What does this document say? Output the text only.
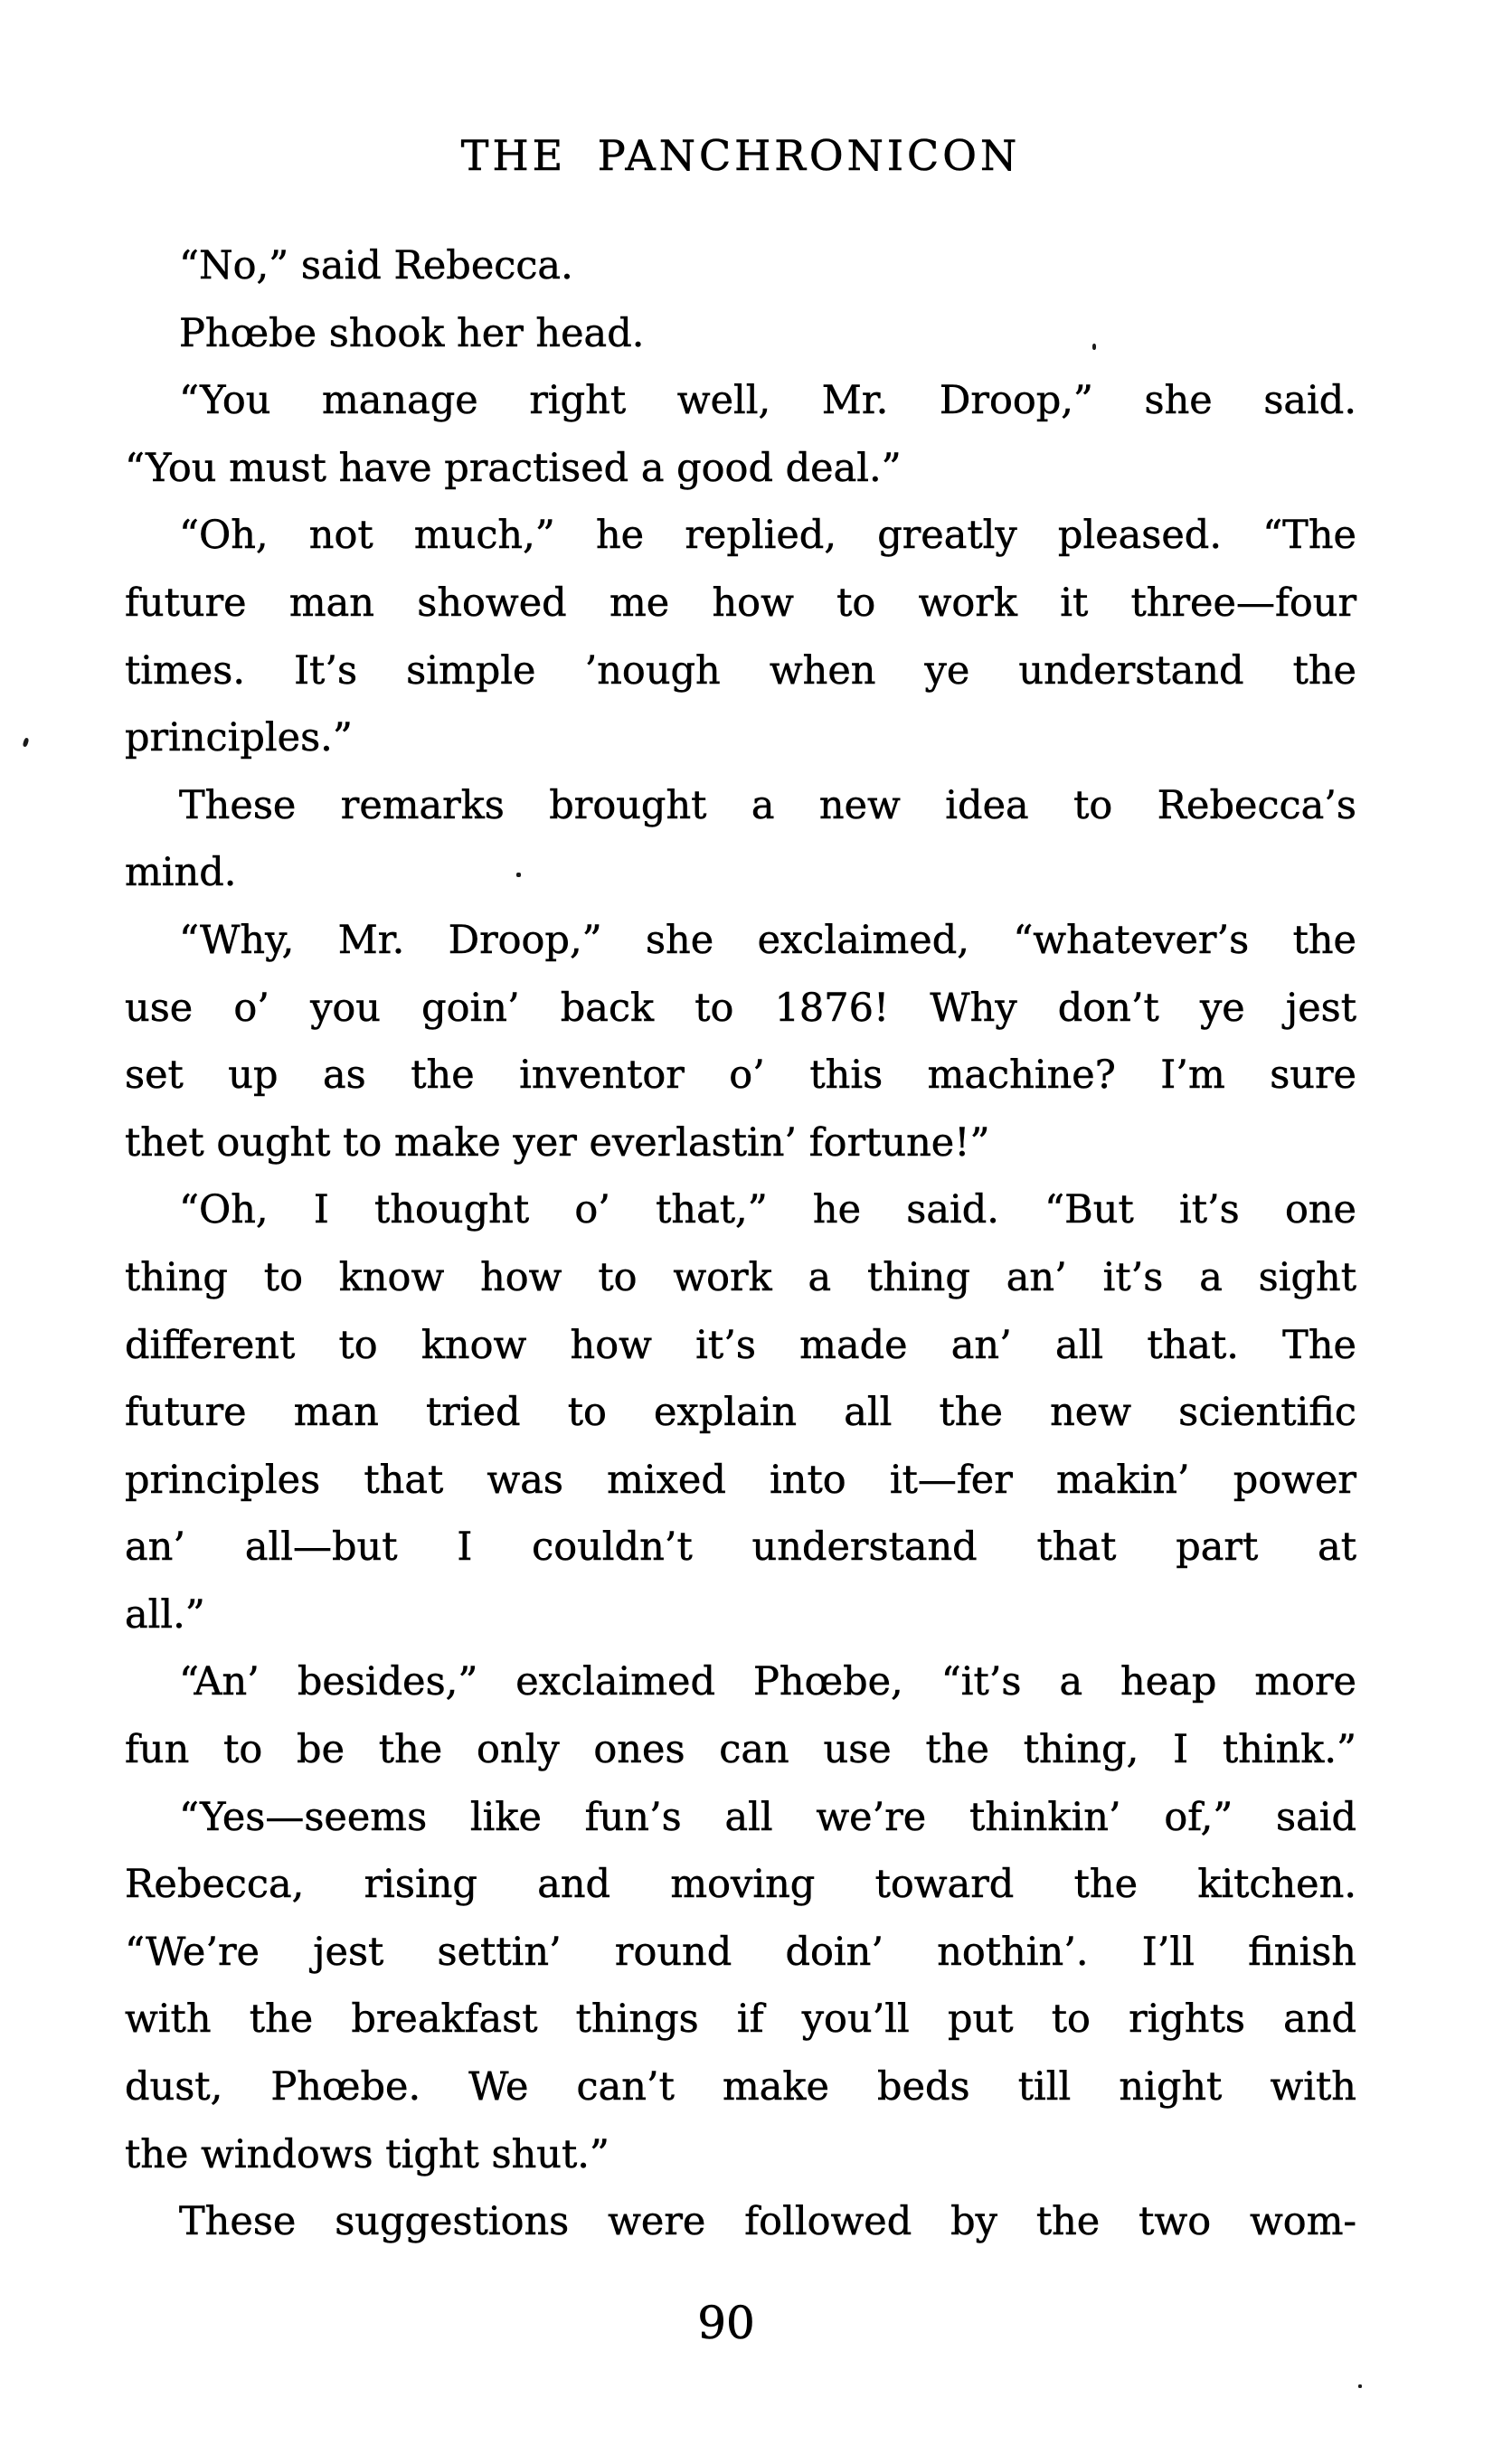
THE PANCHRONICON
“No,” said Rebecca.
Phœbe shook her head.
“You manage right well, Mr. Droop,” she said.
“You must have practised a good deal.”
“Oh, not much,” he replied, greatly pleased. “The
future man showed me how to work it three—four
times. It’s simple ’nough when ye understand the
principles.”
These remarks brought a new idea to Rebecca’s
mind.
“Why, Mr. Droop,” she exclaimed, “whatever’s the
use o’ you goin’ back to 1876! Why don’t ye jest
set up as the inventor o’ this machine? I’m sure
thet ought to make yer everlastin’ fortune!”
“Oh, I thought o’ that,” he said. “But it’s one
thing to know how to work a thing an’ it’s a sight
different to know how it’s made an’ all that. The
future man tried to explain all the new scientific
principles that was mixed into it—fer makin’ power
an’ all—but I couldn’t understand that part at
all.”
“An’ besides,” exclaimed Phœbe, “it’s a heap more
fun to be the only ones can use the thing, I think.”
“Yes—seems like fun’s all we’re thinkin’ of,” said
Rebecca, rising and moving toward the kitchen.
“We’re jest settin’ round doin’ nothin’. I’ll finish
with the breakfast things if you’ll put to rights and
dust, Phœbe. We can’t make beds till night with
the windows tight shut.”
These suggestions were followed by the two wom-
90
